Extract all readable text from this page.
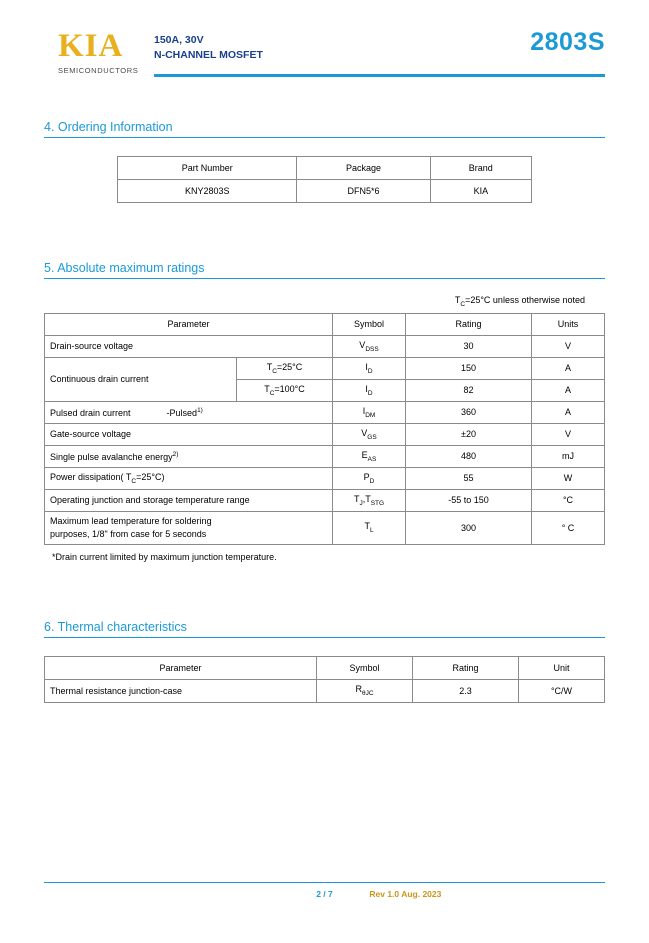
KIA
SEMICONDUCTORS
150A, 30V
N-CHANNEL MOSFET	2803S
4. Ordering Information
Part Number	Package	Brand
KNY2803S	DFN5*6	KIA
5. Absolute maximum ratings
$T_C=25^\circ C$ unless otherwise noted
Parameter		Symbol	Rating	Units
Drain-source voltage		$V_{DSS}$	30	V
Continuous drain current	$T_C=25^\circ C$	$I_D$	150	A
	$T_C=100^\circ C$	$I_D$	82	A
Pulsed drain current -Pulsed$^{1)}$		$I_{DM}$	360	A
Gate-source voltage		$V_{GS}$	±20	V
Single pulse avalanche energy$^{2)}$		$E_{AS}$	480	mJ
Power dissipation( $T_C=25^\circ C$)		$P_D$	55	W
Operating junction and storage temperature range		$T_J,T_{STG}$	-55 to 150	°C
Maximum lead temperature for soldering
purposes, 1/8" from case for 5 seconds		$T_L$	300	° C
*Drain current limited by maximum junction temperature.
6. Thermal characteristics
Parameter	Symbol	Rating	Unit
Thermal resistance junction-case	$R_{\theta JC}$	2.3	°C/W
2 / 7	Rev 1.0 Aug. 2023
